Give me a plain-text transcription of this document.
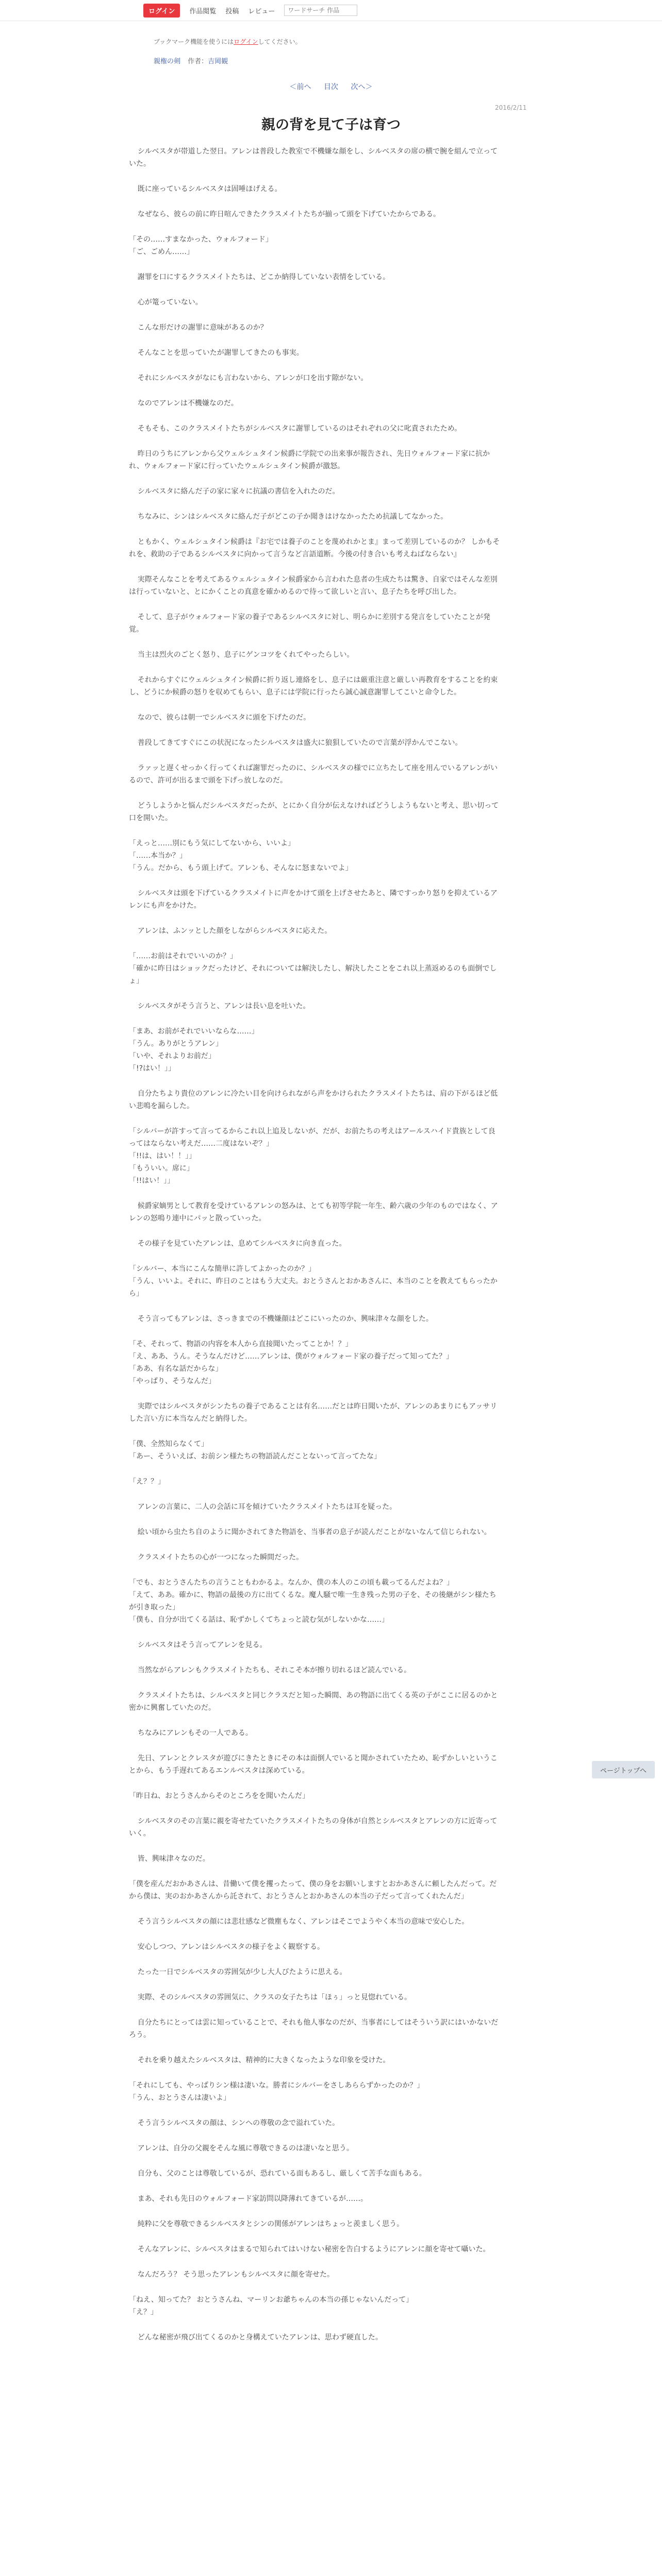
ログイン	作品閲覧 投稿 レビュー
ワードサーチ 作品
ブックマーク機能を使うにはログインしてください。
親権の剣 作者：吉岡観
＜前へ 目次 次へ＞
2016/2/11
親の背を見て子は育つ

シルベスタが帯道した翌日。アレンは普段した教室で不機嫌な顔をし、シルベスタの席の横で腕を組んで立っていた。

既に座っているシルベスタは固唾ほげえる。

なぜなら、彼らの前に昨日喧んできたクラスメイトたちが揃って頭を下げていたからである。

「その……すまなかった、ウォルフォード」
「ご、ごめん……」

謝罪を口にするクラスメイトたちは、どこか納得していない表情をしている。

心が篭っていない。

こんな形だけの謝罪に意味があるのか？

そんなことを思っていたが謝罪してきたのも事実。

それにシルベスタがなにも言わないから、アレンが口を出す隙がない。

なのでアレンは不機嫌なのだ。

そもそも、このクラスメイトたちがシルベスタに謝罪しているのはそれぞれの父に叱責されたため。

昨日のうちにアレンから父ウェルシュタイン候爵に学院での出来事が報告され、先日ウォルフォード家に抗かれ、ウォルフォード家に行っていたウェルシュタイン候爵が激怒。

シルベスタに絡んだ子の家に家々に抗議の書信を入れたのだ。

ちなみに、シンはシルベスタに絡んだ子がどこの子か聞きはけなかったため抗議してなかった。

ともかく、ウェルシュタイン候爵は『お宅では養子のことを蔑めれかとま』まって差別しているのか？ しかもそれを、救助の子であるシルベスタに向かって言うなど言語道断。今後の付き合いも考えねばならない』

実際そんなことを考えてあるウェルシュタイン候爵家から言われた息者の生成たちは驚き、自家ではそんな差別は行っていないと、とにかくことの真意を確かめるので待って欲しいと言い、息子たちを呼び出した。

そして、息子がウォルフォード家の養子であるシルベスタに対し、明らかに差別する発言をしていたことが発覚。

当主は烈火のごとく怒り、息子にゲンコツをくれてやったらしい。

それからすぐにウェルシュタイン候爵に折り返し連絡をし、息子には厳重注意と厳しい再教育をすることを約束し、どうにか候爵の怒りを収めてもらい、息子には学院に行ったら誠心誠意謝罪してこいと命令した。

なので、彼らは朝一でシルベスタに頭を下げたのだ。

普段してきてすぐにこの状況になったシルベスタは盛大に狼狽していたので言葉が浮かんでこない。

ラァッと遅くせっかく行ってくれば謝罪だったのに、シルベスタの様でに立ちたして座を用んでいるアレンがいるので、許可が出るまで頭を下げっ放しなのだ。

どうしようかと悩んだシルベスタだったが、とにかく自分が伝えなければどうしようもないと考え、思い切って口を開いた。

「えっと……別にもう気にしてないから、いいよ」
「……本当か？」
「うん。だから、もう頭上げて。アレンも、そんなに怒まないでよ」

シルベスタは頭を下げているクラスメイトに声をかけて頭を上げさせたあと、隣ですっかり怒りを抑えているアレンにも声をかけた。

アレンは、ふンッとした顔をしながらシルベスタに応えた。

「……お前はそれでいいのか？」
「確かに昨日はショックだったけど、それについては解決したし、解決したことをこれ以上蒸返めるのも面倒でしょ」

シルベスタがそう言うと、アレンは長い息を吐いた。

「まあ、お前がそれでいいならな……」
「うん。ありがとうアレン」
「いや、それよりお前だ」
「!?はい！」」

自分たちより貴位のアレンに冷たい目を向けられながら声をかけられたクラスメイトたちは、肩の下がるほど低い悲鳴を漏らした。

「シルバーが許すって言ってるからこれ以上追及しないが、だが、お前たちの考えはアールスハイド貴族として良ってはならない考えだ……二度はないぞ？」
「!!は、はい！！」」
「もういい。席に」
「!!はい！」」

候爵家嫡男として教育を受けているアレンの怒みは、とても初等学院一年生、齢六歳の少年のものではなく、アレンの怒鳴り連中にパッと散っていった。

その様子を見ていたアレンは、息めてシルベスタに向き直った。

「シルバー、本当にこんな簡単に許してよかったのか？」
「うん、いいよ。それに、昨日のことはもう大丈夫。おとうさんとおかあさんに、本当のことを教えてもらったから」

そう言ってもアレンは、さっきまでの不機嫌顔はどこにいったのか、興味津々な顔をした。

「そ、それって、物語の内容を本人から直接聞いたってことか！？」
「え、ああ、うん。そうなんだけど……アレンは、僕がウォルフォード家の養子だって知ってた？」
「ああ、有名な話だからな」
「やっぱり、そうなんだ」

実際ではシルベスタがシンたちの養子であることは有名……だとは昨日聞いたが、アレンのあまりにもアッサリした言い方に本当なんだと納得した。

「僕、全然知らなくて」
「あー、そういえば、お前シン様たちの物語読んだことないって言ってたな」

「え？？」

アレンの言葉に、二人の会話に耳を傾けていたクラスメイトたちは耳を疑った。

絵い頃から虫たち自のように聞かされてきた物語を、当事者の息子が読んだことがないなんて信じられない。

クラスメイトたちの心が一つになった瞬間だった。

「でも、おとうさんたちの言うこともわかるよ。なんか、僕の本人のこの頃も載ってるんだよね？」
「えて、ああ。確かに、物語の最後の方に出てくるな。魔人騒で唯一生き残った男の子を、その後継がシン様たちが引き取った」
「僕も、自分が出てくる話は、恥ずかしくてちょっと読む気がしないかな……」

シルベスタはそう言ってアレンを見る。

当然ながらアレンもクラスメイトたちも、それこそ本が擦り切れるほど読んでいる。

クラスメイトたちは、シルベスタと同じクラスだと知った瞬間、あの物語に出てくる英の子がここに居るのかと密かに興奮していたのだ。

ちなみにアレンもその一人である。

先日、アレンとクレスタが遊びにきたときにその本は面倒人でいると聞かされていたため、恥ずかしいということから、もう手遅れてあるエンルベスタは深めている。

「昨日ね、おとうさんからそのところをを聞いたんだ」

シルベスタのその言葉に親を寄せたていたクラスメイトたちの身体が自然とシルベスタとアレンの方に近寄っていく。

皆、興味津々なのだ。

「僕を産んだおかあさんは、昔働いて僕を攫ったって、僕の身をお願いしますとおかあさんに頼したんだって。だから僕は、実のおかあさんから託されて、おとうさんとおかあさんの本当の子だって言ってくれたんだ」

そう言うシルベスタの顔には悲壮感など微塵もなく、アレンはそこでようやく本当の意味で安心した。

安心しつつ、アレンはシルベスタの様子をよく観察する。

たった一日でシルベスタの雰囲気が少し大人びたように思える。

実際、そのシルベスタの雰囲気に、クラスの女子たちは「ほぅ」っと見惚れている。

自分たちにとっては雲に知っていることで、それも他人事なのだが、当事者にしてはそういう訳にはいかないだろう。

それを乗り越えたシルベスタは、精神的に大きくなったような印象を受けた。

「それにしても、やっぱりシン様は凄いな。勝者にシルバーをさしあららずかったのか？」
「うん、おとうさんは凄いよ」

そう言うシルベスタの顔は、シンへの尊敬の念で溢れていた。

アレンは、自分の父親をそんな風に尊敬できるのは凄いなと思う。

自分も、父のことは尊敬しているが、恐れている面もあるし、厳しくて苦手な面もある。

まあ、それも先日のウォルフォード家訪問以降薄れてきているが……。

純粋に父を尊敬できるシルベスタとシンの関係がアレンはちょっと羨ましく思う。

そんなアレンに、シルベスタはまるで知られてはいけない秘密を告白するようにアレンに顔を寄せて囁いた。

なんだろう？ そう思ったアレンもシルベスタに顔を寄せた。

「ねえ、知ってた？ おとうさんね、マーリンお爺ちゃんの本当の孫じゃないんだって」
「え？」

どんな秘密が飛び出てくるのかと身構えていたアレンは、思わず硬直した。

ページトップへ
